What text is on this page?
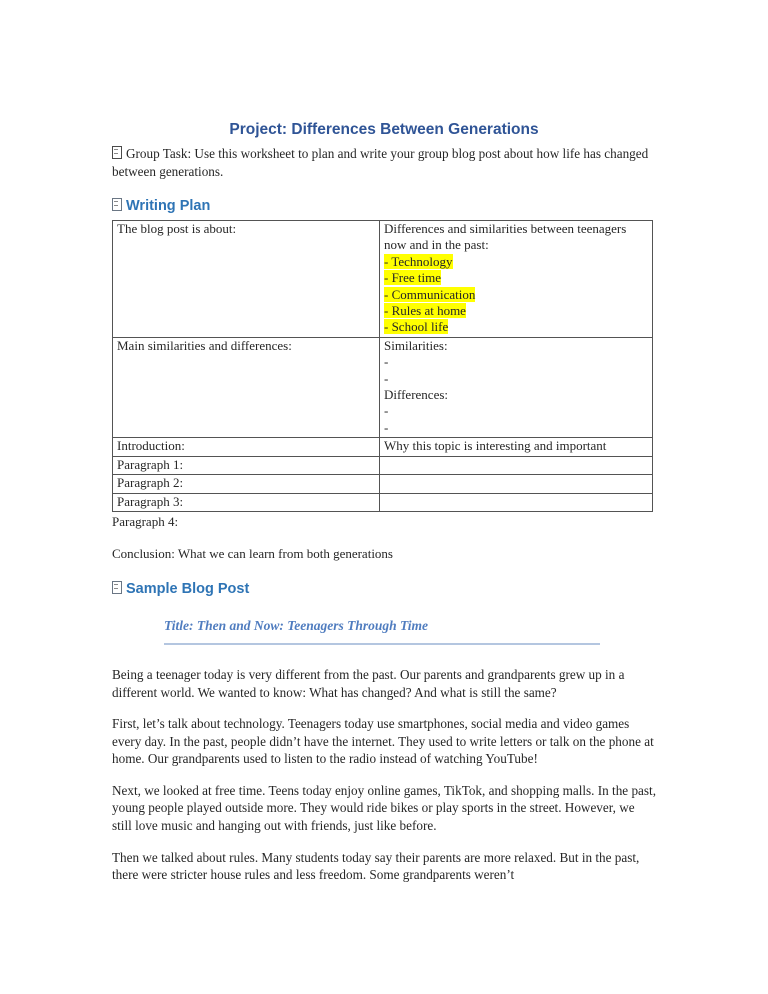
Project: Differences Between Generations

Group Task: Use this worksheet to plan and write your group blog post about how life has changed between generations.

Writing Plan
The blog post is about:	Differences and similarities between teenagers now and in the past:
- Technology
- Free time
- Communication
- Rules at home
- School life

Main similarities and differences:	Similarities:
-
-
Differences:
-
-

Introduction:	Why this topic is interesting and important
Paragraph 1:	
Paragraph 2:	
Paragraph 3:	

Paragraph 4:

Conclusion: What we can learn from both generations

Sample Blog Post
Title: Then and Now: Teenagers Through Time

Being a teenager today is very different from the past. Our parents and grandparents grew up in a different world. We wanted to know: What has changed? And what is still the same?

First, let’s talk about technology. Teenagers today use smartphones, social media and video games every day. In the past, people didn’t have the internet. They used to write letters or talk on the phone at home. Our grandparents used to listen to the radio instead of watching YouTube!

Next, we looked at free time. Teens today enjoy online games, TikTok, and shopping malls. In the past, young people played outside more. They would ride bikes or play sports in the street. However, we still love music and hanging out with friends, just like before.

Then we talked about rules. Many students today say their parents are more relaxed. But in the past, there were stricter house rules and less freedom. Some grandparents weren’t
